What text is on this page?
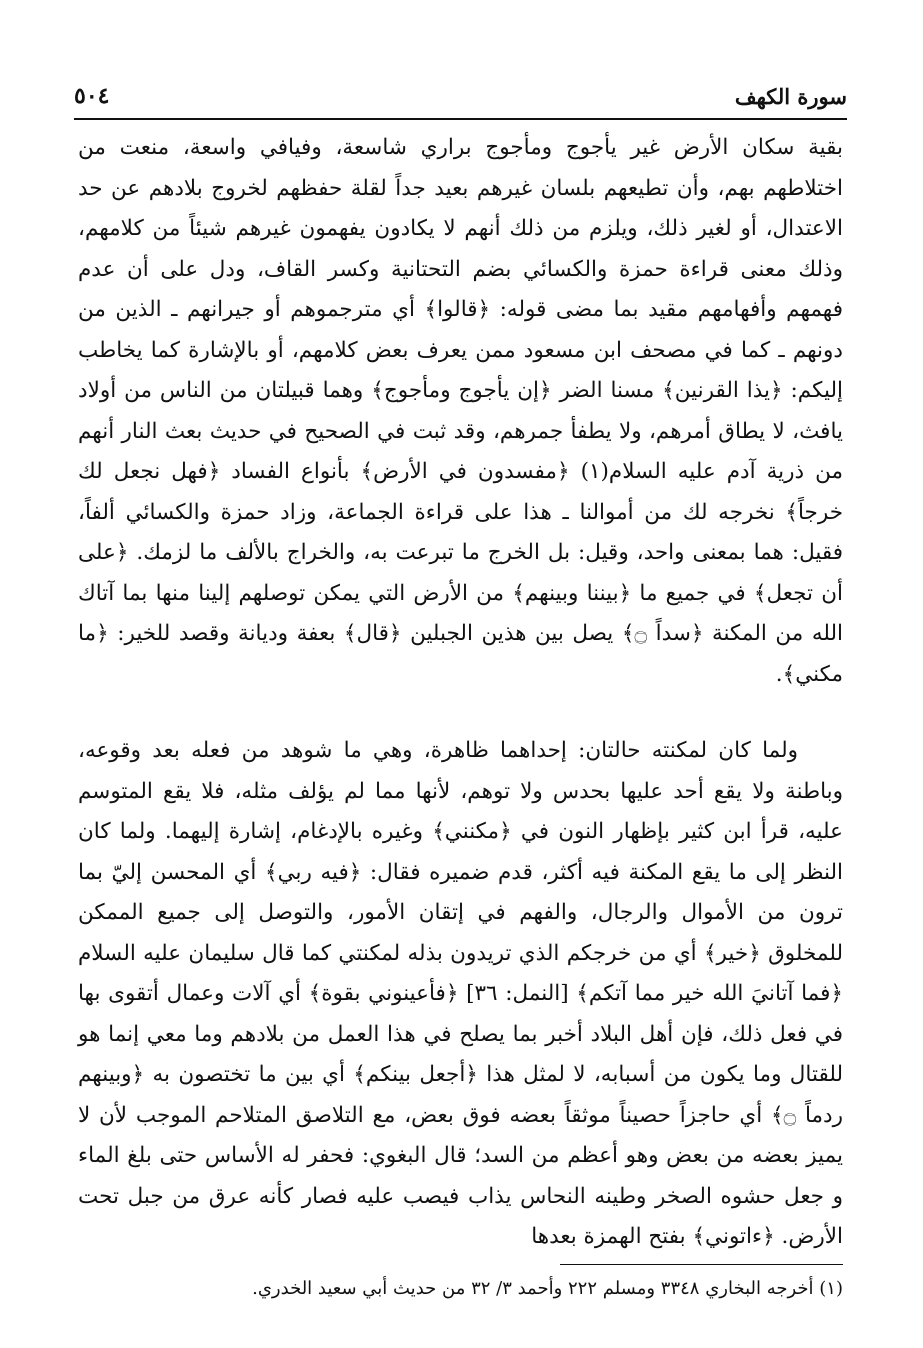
٥٠٤	سورة الكهف

بقية سكان الأرض غير يأجوج ومأجوج براري شاسعة، وفيافي واسعة، منعت من اختلاطهم بهم، وأن تطيعهم بلسان غيرهم بعيد جداً لقلة حفظهم لخروج بلادهم عن حد الاعتدال، أو لغير ذلك، ويلزم من ذلك أنهم لا يكادون يفهمون غيرهم شيئاً من كلامهم، وذلك معنى قراءة حمزة والكسائي بضم التحتانية وكسر القاف، ودل على أن عدم فهمهم وأفهامهم مقيد بما مضى قوله: ﴿قالوا﴾ أي مترجموهم أو جيرانهم ـ الذين من دونهم ـ كما في مصحف ابن مسعود ممن يعرف بعض كلامهم، أو بالإشارة كما يخاطب إليكم: ﴿يذا القرنين﴾ مسنا الضر ﴿إن يأجوج ومأجوج﴾ وهما قبيلتان من الناس من أولاد يافث، لا يطاق أمرهم، ولا يطفأ جمرهم، وقد ثبت في الصحيح في حديث بعث النار أنهم من ذرية آدم عليه السلام(١) ﴿مفسدون في الأرض﴾ بأنواع الفساد ﴿فهل نجعل لك خرجاً﴾ نخرجه لك من أموالنا ـ هذا على قراءة الجماعة، وزاد حمزة والكسائي ألفاً، فقيل: هما بمعنى واحد، وقيل: بل الخرج ما تبرعت به، والخراج بالألف ما لزمك. ﴿على أن تجعل﴾ في جميع ما ﴿بيننا وبينهم﴾ من الأرض التي يمكن توصلهم إلينا منها بما آتاك الله من المكنة ﴿سداً ۝﴾ يصل بين هذين الجبلين ﴿قال﴾ بعفة وديانة وقصد للخير: ﴿ما مكني﴾.

ولما كان لمكنته حالتان: إحداهما ظاهرة، وهي ما شوهد من فعله بعد وقوعه، وباطنة ولا يقع أحد عليها بحدس ولا توهم، لأنها مما لم يؤلف مثله، فلا يقع المتوسم عليه، قرأ ابن كثير بإظهار النون في ﴿مكنني﴾ وغيره بالإدغام، إشارة إليهما. ولما كان النظر إلى ما يقع المكنة فيه أكثر، قدم ضميره فقال: ﴿فيه ربي﴾ أي المحسن إليّ بما ترون من الأموال والرجال، والفهم في إتقان الأمور، والتوصل إلى جميع الممكن للمخلوق ﴿خير﴾ أي من خرجكم الذي تريدون بذله لمكنتي كما قال سليمان عليه السلام ﴿فما آتانيَ الله خير مما آتكم﴾ [النمل: ٣٦] ﴿فأعينوني بقوة﴾ أي آلات وعمال أتقوى بها في فعل ذلك، فإن أهل البلاد أخبر بما يصلح في هذا العمل من بلادهم وما معي إنما هو للقتال وما يكون من أسبابه، لا لمثل هذا ﴿أجعل بينكم﴾ أي بين ما تختصون به ﴿وبينهم ردماً ۝﴾ أي حاجزاً حصيناً موثقاً بعضه فوق بعض، مع التلاصق المتلاحم الموجب لأن لا يميز بعضه من بعض وهو أعظم من السد؛ قال البغوي: فحفر له الأساس حتى بلغ الماء و جعل حشوه الصخر وطينه النحاس يذاب فيصب عليه فصار كأنه عرق من جبل تحت الأرض. ﴿ءاتوني﴾ بفتح الهمزة بعدها

(١) أخرجه البخاري ٣٣٤٨ ومسلم ٢٢٢ وأحمد ٣/ ٣٢ من حديث أبي سعيد الخدري.
